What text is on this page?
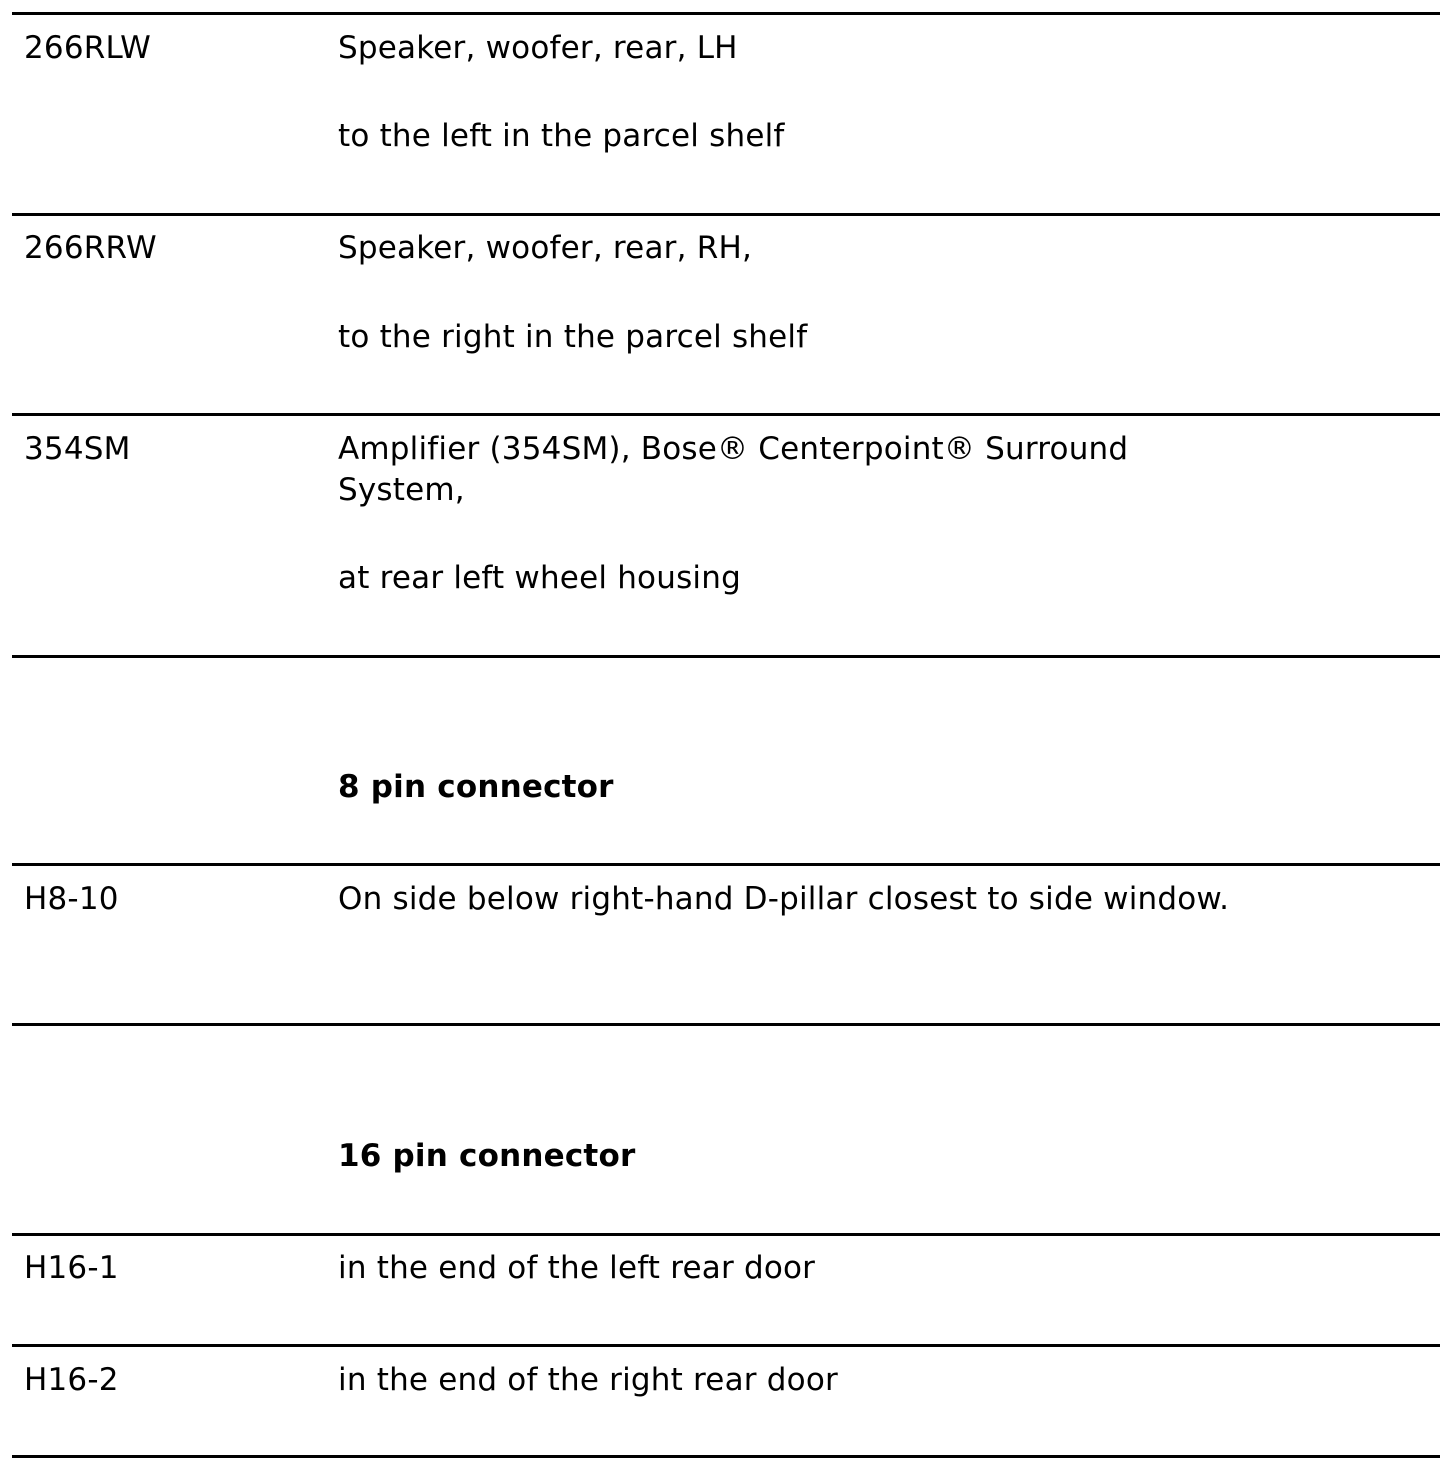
266RLW	Speaker, woofer, rear, LH
to the left in the parcel shelf
266RRW	Speaker, woofer, rear, RH,
to the right in the parcel shelf
354SM	Amplifier (354SM), Bose® Centerpoint® Surround System,
at rear left wheel housing
8 pin connector
H8-10	On side below right-hand D-pillar closest to side window.
16 pin connector
H16-1	in the end of the left rear door
H16-2	in the end of the right rear door
